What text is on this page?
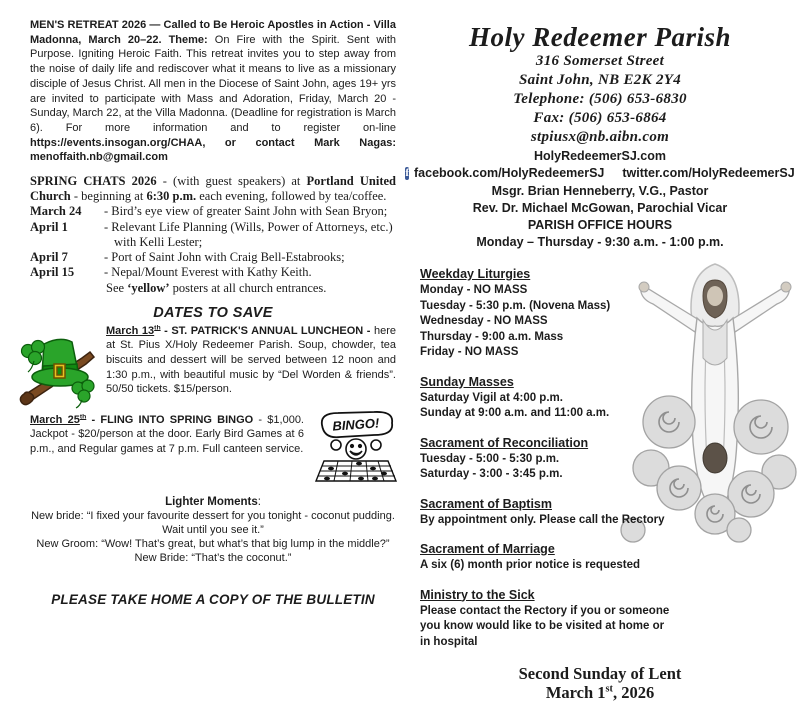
MEN'S RETREAT 2026 — Called to Be Heroic Apostles in Action - Villa Madonna, March 20–22. Theme: On Fire with the Spirit. Sent with Purpose. Igniting Heroic Faith. This retreat invites you to step away from the noise of daily life and rediscover what it means to live as a missionary disciple of Jesus Christ. All men in the Diocese of Saint John, ages 19+ yrs are invited to participate with Mass and Adoration, Friday, March 20 - Sunday, March 22, at the Villa Madonna. (Deadline for registration is March 6). For more information and to register on-line https://events.insogan.org/CHAA, or contact Mark Nagas: menoffaith.nb@gmail.com

SPRING CHATS 2026 - (with guest speakers) at Portland United Church - beginning at 6:30 p.m. each evening, followed by tea/coffee.

March 24	- Bird’s eye view of greater Saint John with Sean Bryon;
April 1	- Relevant Life Planning (Wills, Power of Attorneys, etc.)
with Kelli Lester;
April 7	- Port of Saint John with Craig Bell-Estabrooks;
April 15	- Nepal/Mount Everest with Kathy Keith.

See ‘yellow’ posters at all church entrances.

DATES TO SAVE

March 13th - ST. PATRICK'S ANNUAL LUNCHEON - here at St. Pius X/Holy Redeemer Parish. Soup, chowder, tea biscuits and dessert will be served between 12 noon and 1:30 p.m., with beautiful music by “Del Worden & friends”. 50/50 tickets. $15/person.

March 25th - FLING INTO SPRING BINGO - $1,000. Jackpot - $20/person at the door. Early Bird Games at 6 p.m., and Regular games at 7 p.m. Full canteen service.

BINGO!

Lighter Moments:

New bride: “I fixed your favourite dessert for you tonight - coconut pudding.

Wait until you see it.”

New Groom: “Wow! That’s great, but what’s that big lump in the middle?”

New Bride: “That’s the coconut.”

PLEASE TAKE HOME A COPY OF THE BULLETIN

Holy Redeemer Parish

316 Somerset Street

Saint John, NB E2K 2Y4

Telephone: (506) 653-6830

Fax: (506) 653-6864

stpiusx@nb.aibn.com

HolyRedeemerSJ.com

f facebook.com/HolyRedeemerSJ twitter.com/HolyRedeemerSJ

Msgr. Brian Henneberry, V.G., Pastor

Rev. Dr. Michael McGowan, Parochial Vicar

PARISH OFFICE HOURS

Monday – Thursday - 9:30 a.m. - 1:00 p.m.

Weekday Liturgies

Monday - NO MASS

Tuesday - 5:30 p.m. (Novena Mass)

Wednesday - NO MASS

Thursday - 9:00 a.m. Mass

Friday - NO MASS

Sunday Masses

Saturday Vigil at 4:00 p.m.

Sunday at 9:00 a.m. and 11:00 a.m.

Sacrament of Reconciliation

Tuesday - 5:00 - 5:30 p.m.

Saturday - 3:00 - 3:45 p.m.

Sacrament of Baptism

By appointment only. Please call the Rectory

Sacrament of Marriage

A six (6) month prior notice is requested

Ministry to the Sick

Please contact the Rectory if you or someone

you know would like to be visited at home or

in hospital

Second Sunday of Lent

March 1st, 2026
